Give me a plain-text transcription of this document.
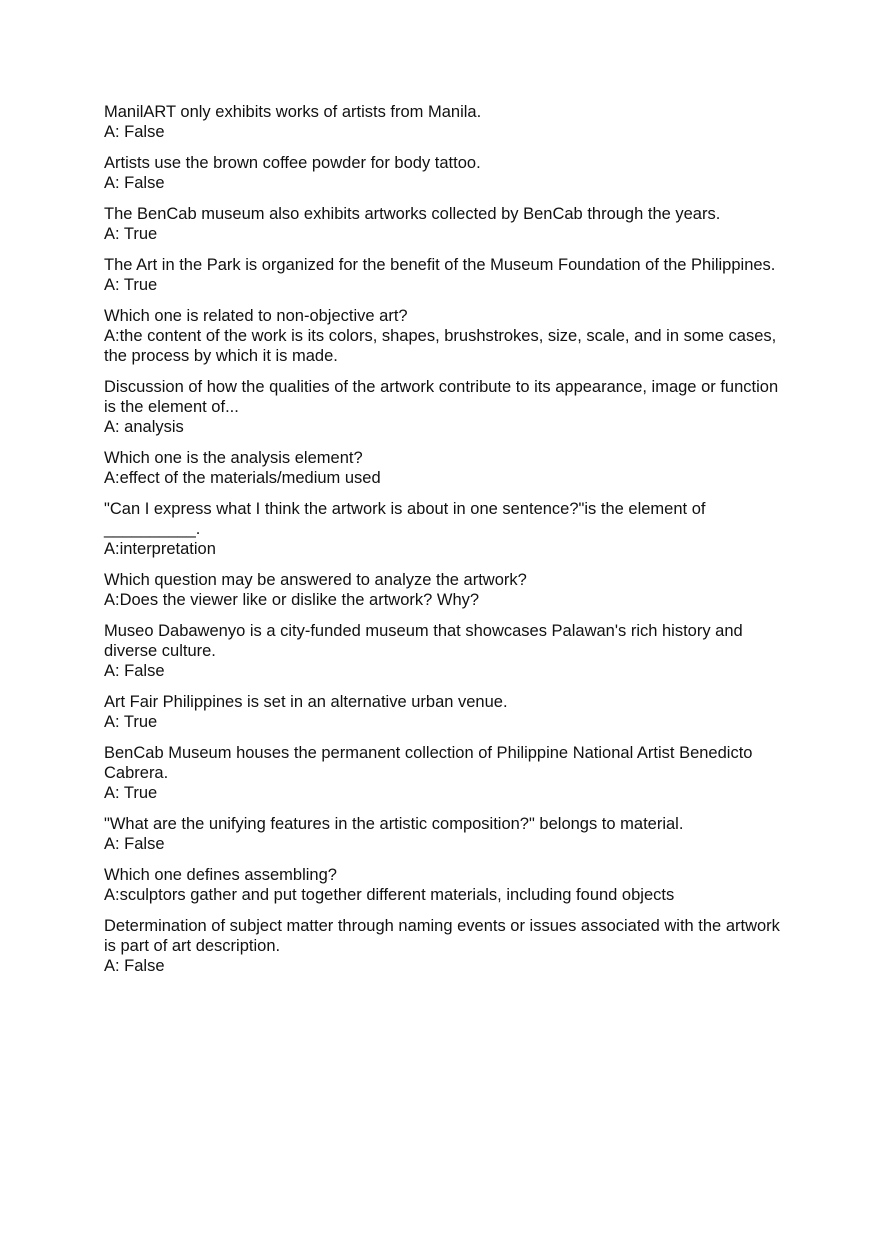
ManilART only exhibits works of artists from Manila.
A: False
Artists use the brown coffee powder for body tattoo.
A: False
The BenCab museum also exhibits artworks collected by BenCab through the years.
A: True
The Art in the Park is organized for the benefit of the Museum Foundation of the Philippines.
A: True
Which one is related to non-objective art?
A:the content of the work is its colors, shapes, brushstrokes, size, scale, and in some cases, the process by which it is made.
Discussion of how the qualities of the artwork contribute to its appearance, image or function is the element of...
A: analysis
Which one is the analysis element?
A:effect of the materials/medium used
"Can I express what I think the artwork is about in one sentence?"is the element of __________.
A:interpretation
Which question may be answered to analyze the artwork?
A:Does the viewer like or dislike the artwork? Why?
Museo Dabawenyo is a city-funded museum that showcases Palawan's rich history and diverse culture.
A: False
Art Fair Philippines is set in an alternative urban venue.
A: True
BenCab Museum houses the permanent collection of Philippine National Artist Benedicto Cabrera.
A: True
"What are the unifying features in the artistic composition?" belongs to material.
A: False
Which one defines assembling?
A:sculptors gather and put together different materials, including found objects
Determination of subject matter through naming events or issues associated with the artwork is part of art description.
A: False
